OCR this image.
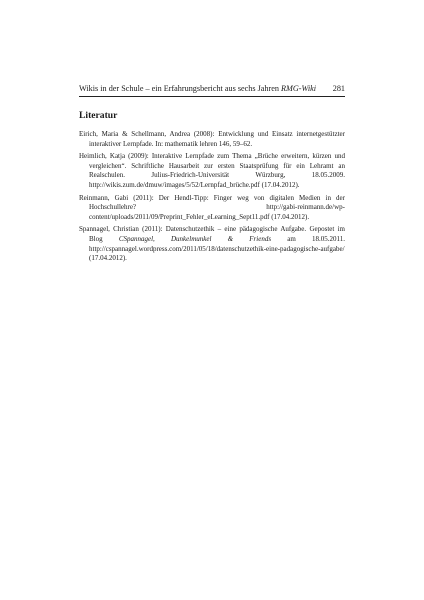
Wikis in der Schule – ein Erfahrungsbericht aus sechs Jahren RMG-Wiki 281
Literatur
Eirich, Maria & Schellmann, Andrea (2008): Entwicklung und Einsatz internetgestützter interaktiver Lernpfade. In: mathematik lehren 146, 59–62.
Heimlich, Katja (2009): Interaktive Lernpfade zum Thema „Brüche erweitern, kürzen und vergleichen“. Schriftliche Hausarbeit zur ersten Staatsprüfung für ein Lehramt an Realschulen. Julius-Friedrich-Universität Würzburg, 18.05.2009. http://wikis.zum.de/dmuw/images/5/52/Lernpfad_brüche.pdf (17.04.2012).
Reinmann, Gabi (2011): Der Hendl-Tipp: Finger weg von digitalen Medien in der Hochschullehre? http://gabi-reinmann.de/wp-content/uploads/2011/09/Preprint_Fehler_eLearning_Sept11.pdf (17.04.2012).
Spannagel, Christian (2011): Datenschutzethik – eine pädagogische Aufgabe. Gepostet im Blog CSpannagel, Dunkelmunkel & Friends am 18.05.2011. http://cspannagel.wordpress.com/2011/05/18/datenschutzethik-eine-padagogische-aufgabe/ (17.04.2012).
